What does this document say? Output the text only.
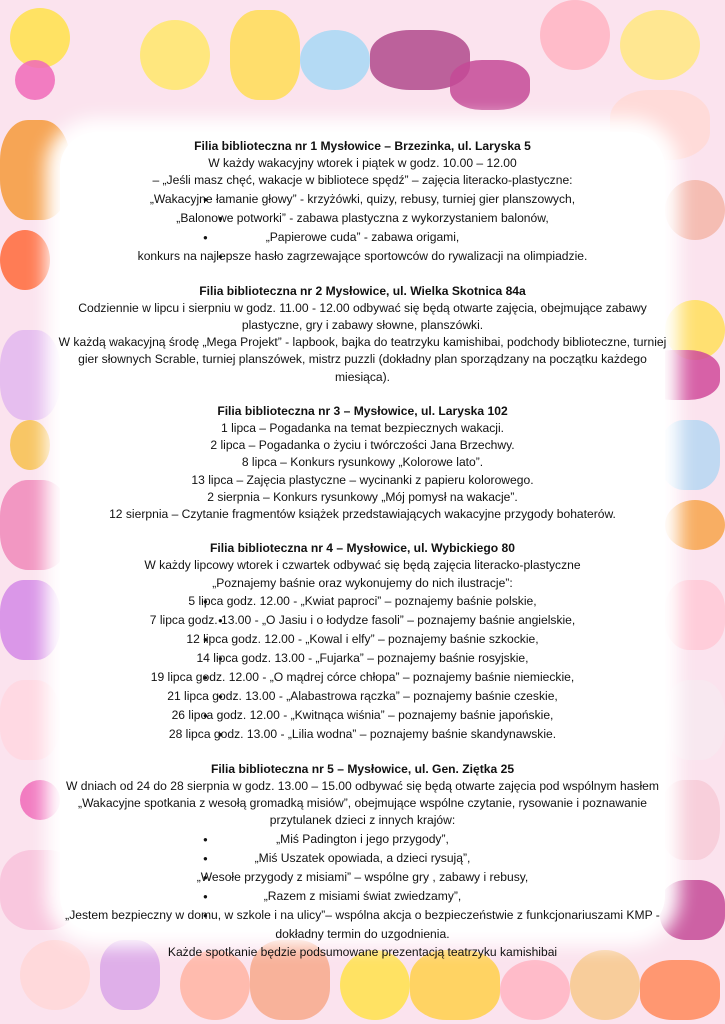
Filia biblioteczna nr 1 Mysłowice – Brzezinka, ul. Laryska 5

W każdy wakacyjny wtorek i piątek w godz. 10.00 – 12.00

– „Jeśli masz chęć, wakacje w bibliotece spędź” – zajęcia literacko-plastyczne:

● „Wakacyjne łamanie głowy” - krzyżówki, quizy, rebusy, turniej gier planszowych,
● „Balonowe potworki” - zabawa plastyczna z wykorzystaniem balonów,
● „Papierowe cuda” - zabawa origami,
● konkurs na najlepsze hasło zagrzewające sportowców do rywalizacji na olimpiadzie.
Filia biblioteczna nr 2 Mysłowice, ul. Wielka Skotnica 84a

Codziennie w lipcu i sierpniu w godz. 11.00 - 12.00 odbywać się będą otwarte zajęcia, obejmujące zabawy plastyczne, gry i zabawy słowne, planszówki.

W każdą wakacyjną środę „Mega Projekt” - lapbook, bajka do teatrzyku kamishibai, podchody biblioteczne, turniej gier słownych Scrable, turniej planszówek, mistrz puzzli (dokładny plan sporządzany na początku każdego miesiąca).

Filia biblioteczna nr 3 – Mysłowice, ul. Laryska 102

1 lipca – Pogadanka na temat bezpiecznych wakacji.

2 lipca – Pogadanka o życiu i twórczości Jana Brzechwy.

8 lipca – Konkurs rysunkowy „Kolorowe lato”.

13 lipca – Zajęcia plastyczne – wycinanki z papieru kolorowego.

2 sierpnia – Konkurs rysunkowy „Mój pomysł na wakacje”.

12 sierpnia – Czytanie fragmentów książek przedstawiających wakacyjne przygody bohaterów.

Filia biblioteczna nr 4 – Mysłowice, ul. Wybickiego 80

W każdy lipcowy wtorek i czwartek odbywać się będą zajęcia literacko-plastyczne

„Poznajemy baśnie oraz wykonujemy do nich ilustracje”:

● 5 lipca godz. 12.00 - „Kwiat paproci” – poznajemy baśnie polskie,
● 7 lipca godz. 13.00 - „O Jasiu i o łodydze fasoli” – poznajemy baśnie angielskie,
● 12 lipca godz. 12.00 - „Kowal i elfy” – poznajemy baśnie szkockie,
● 14 lipca godz. 13.00 - „Fujarka” – poznajemy baśnie rosyjskie,
● 19 lipca godz. 12.00 - „O mądrej córce chłopa” – poznajemy baśnie niemieckie,
● 21 lipca godz. 13.00 - „Alabastrowa rączka” – poznajemy baśnie czeskie,
● 26 lipca godz. 12.00 - „Kwitnąca wiśnia” – poznajemy baśnie japońskie,
● 28 lipca godz. 13.00 - „Lilia wodna” – poznajemy baśnie skandynawskie.
Filia biblioteczna nr 5 – Mysłowice, ul. Gen. Ziętka 25

W dniach od 24 do 28 sierpnia w godz. 13.00 – 15.00 odbywać się będą otwarte zajęcia pod wspólnym hasłem „Wakacyjne spotkania z wesołą gromadką misiów”, obejmujące wspólne czytanie, rysowanie i poznawanie przytulanek dzieci z innych krajów:

● „Miś Padington i jego przygody”,
● „Miś Uszatek opowiada, a dzieci rysują”,
● „Wesołe przygody z misiami” – wspólne gry , zabawy i rebusy,
● „Razem z misiami świat zwiedzamy”,
● „Jestem bezpieczny w domu, w szkole i na ulicy”– wspólna akcja o bezpieczeństwie z funkcjonariuszami KMP - dokładny termin do uzgodnienia.

Każde spotkanie będzie podsumowane prezentacją teatrzyku kamishibai
